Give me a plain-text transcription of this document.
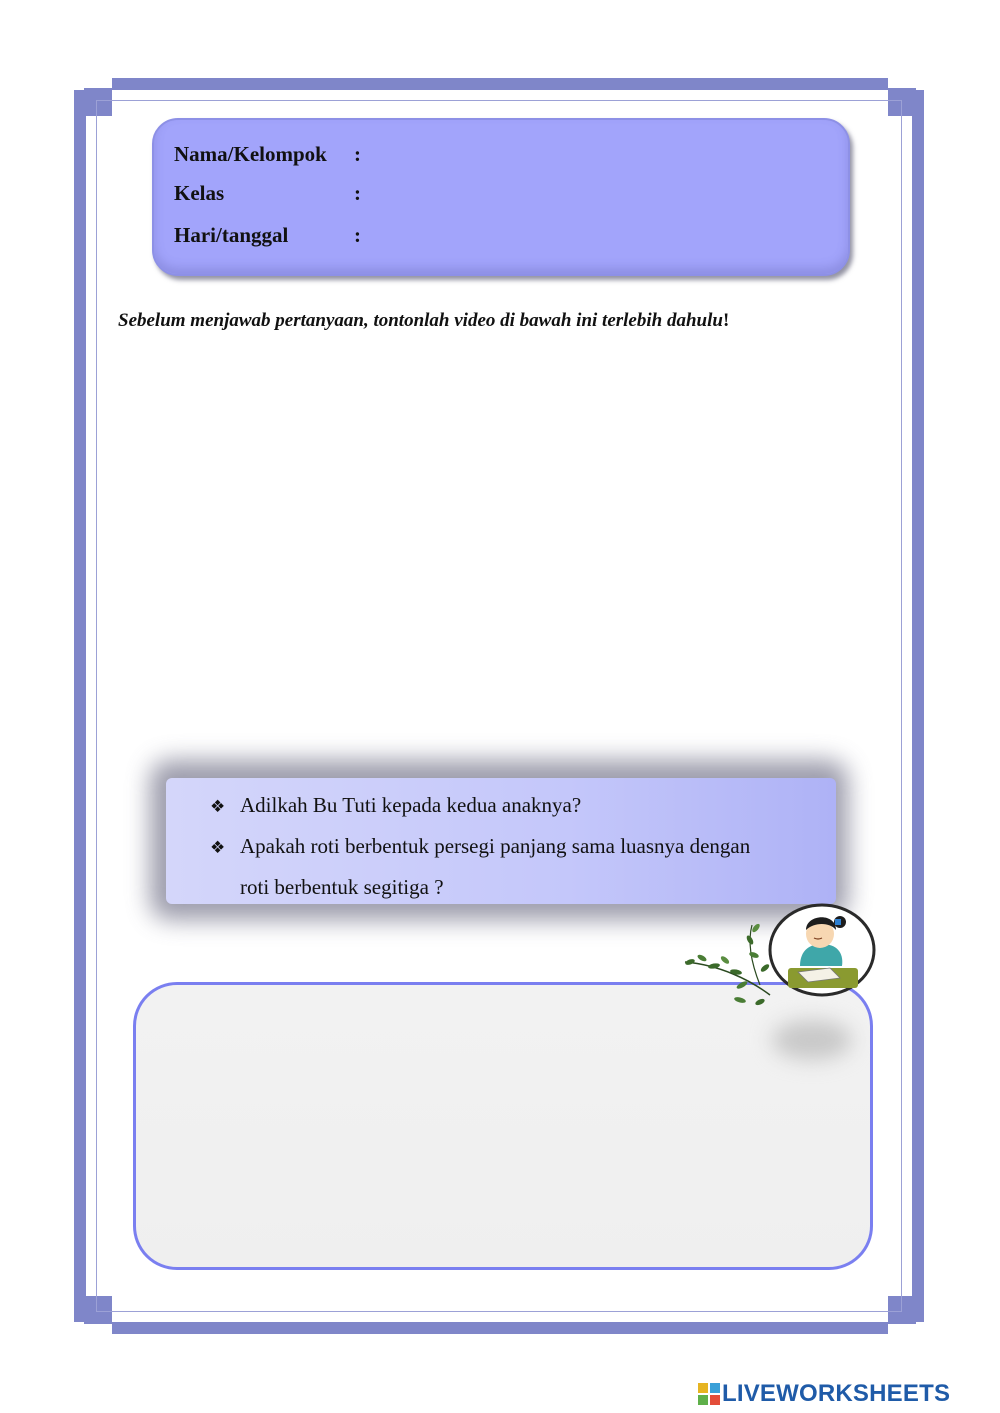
Nama/Kelompok :
Kelas	:
Hari/tanggal	:
Sebelum menjawab pertanyaan, tontonlah video di bawah ini terlebih dahulu!
❖ Adilkah Bu Tuti kepada kedua anaknya?
❖ Apakah roti berbentuk persegi panjang sama luasnya dengan
roti berbentuk segitiga ?
LIVEWORKSHEETS
